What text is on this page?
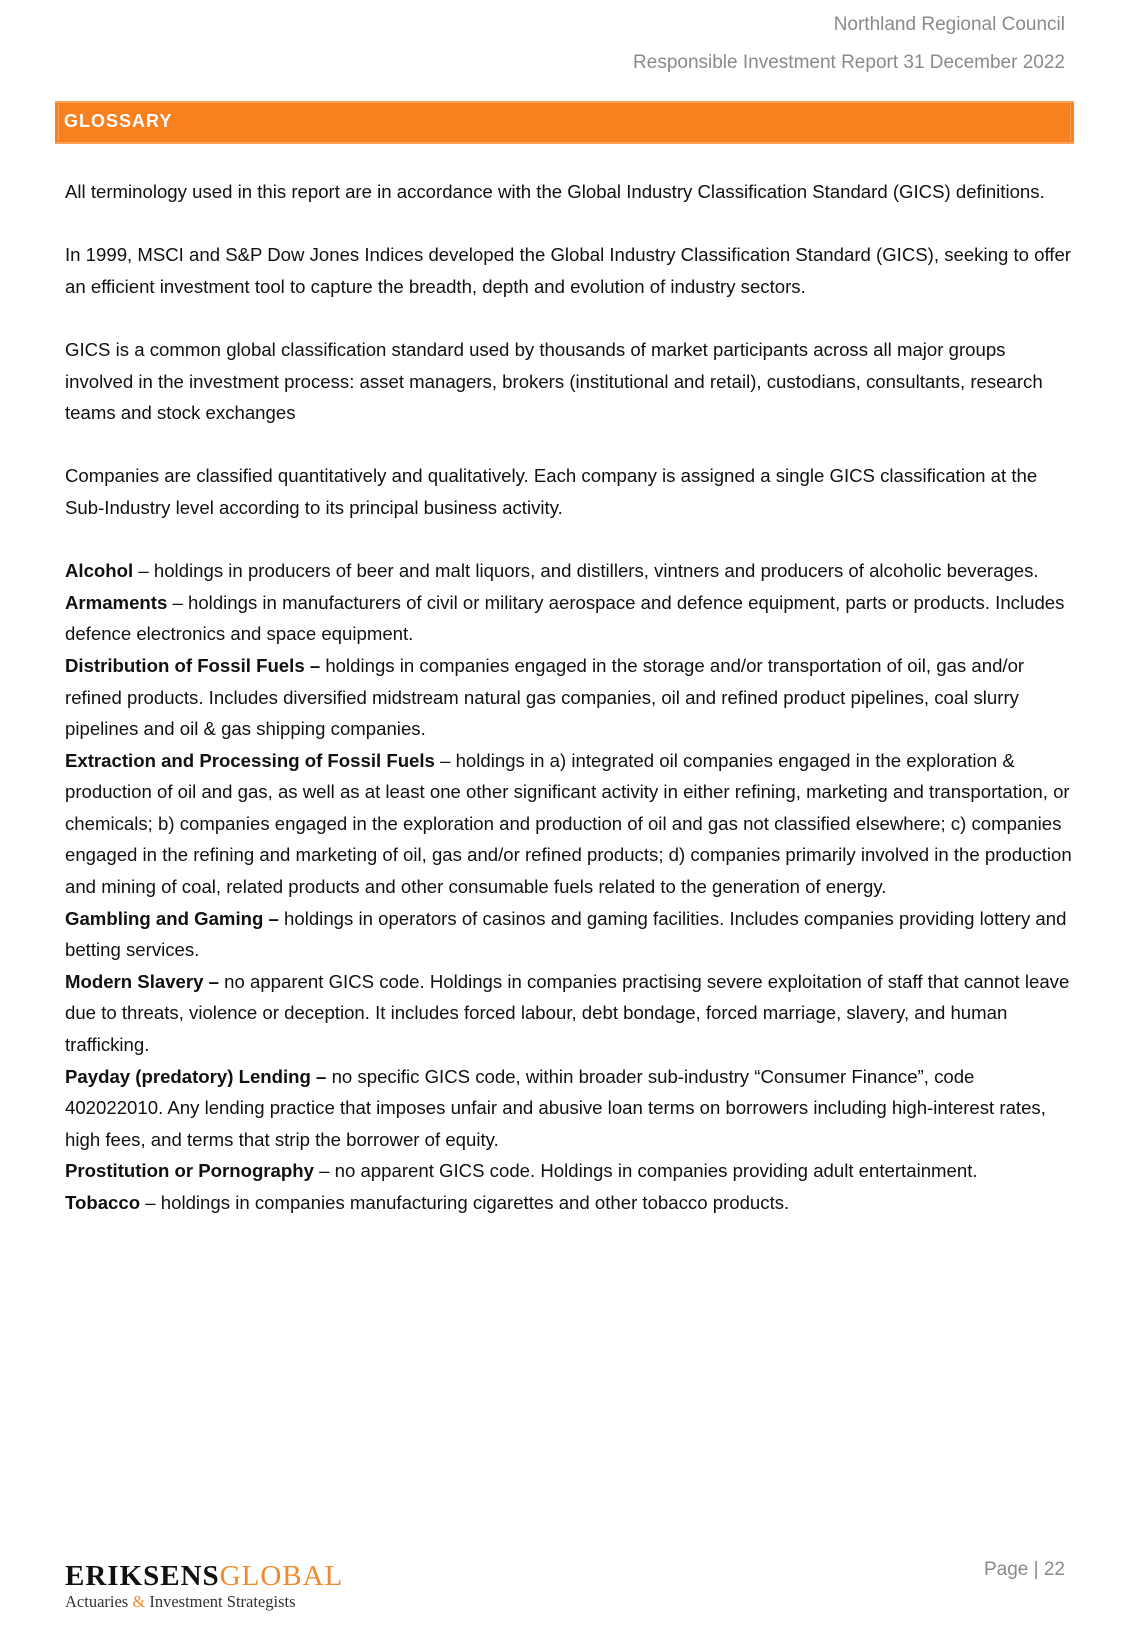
Northland Regional Council
Responsible Investment Report 31 December 2022
GLOSSARY

All terminology used in this report are in accordance with the Global Industry Classification Standard (GICS) definitions.

In 1999, MSCI and S&P Dow Jones Indices developed the Global Industry Classification Standard (GICS), seeking to offer an efficient investment tool to capture the breadth, depth and evolution of industry sectors.

GICS is a common global classification standard used by thousands of market participants across all major groups involved in the investment process: asset managers, brokers (institutional and retail), custodians, consultants, research teams and stock exchanges

Companies are classified quantitatively and qualitatively. Each company is assigned a single GICS classification at the Sub-Industry level according to its principal business activity.

Alcohol – holdings in producers of beer and malt liquors, and distillers, vintners and producers of alcoholic beverages.

Armaments – holdings in manufacturers of civil or military aerospace and defence equipment, parts or products. Includes defence electronics and space equipment.

Distribution of Fossil Fuels – holdings in companies engaged in the storage and/or transportation of oil, gas and/or refined products. Includes diversified midstream natural gas companies, oil and refined product pipelines, coal slurry pipelines and oil & gas shipping companies.

Extraction and Processing of Fossil Fuels – holdings in a) integrated oil companies engaged in the exploration & production of oil and gas, as well as at least one other significant activity in either refining, marketing and transportation, or chemicals; b) companies engaged in the exploration and production of oil and gas not classified elsewhere; c) companies engaged in the refining and marketing of oil, gas and/or refined products; d) companies primarily involved in the production and mining of coal, related products and other consumable fuels related to the generation of energy.

Gambling and Gaming – holdings in operators of casinos and gaming facilities. Includes companies providing lottery and betting services.

Modern Slavery – no apparent GICS code. Holdings in companies practising severe exploitation of staff that cannot leave due to threats, violence or deception. It includes forced labour, debt bondage, forced marriage, slavery, and human trafficking.

Payday (predatory) Lending – no specific GICS code, within broader sub-industry “Consumer Finance”, code 402022010. Any lending practice that imposes unfair and abusive loan terms on borrowers including high-interest rates, high fees, and terms that strip the borrower of equity.

Prostitution or Pornography – no apparent GICS code. Holdings in companies providing adult entertainment.

Tobacco – holdings in companies manufacturing cigarettes and other tobacco products.

ERIKSENSGLOBAL
Actuaries & Investment Strategists
Page | 22
